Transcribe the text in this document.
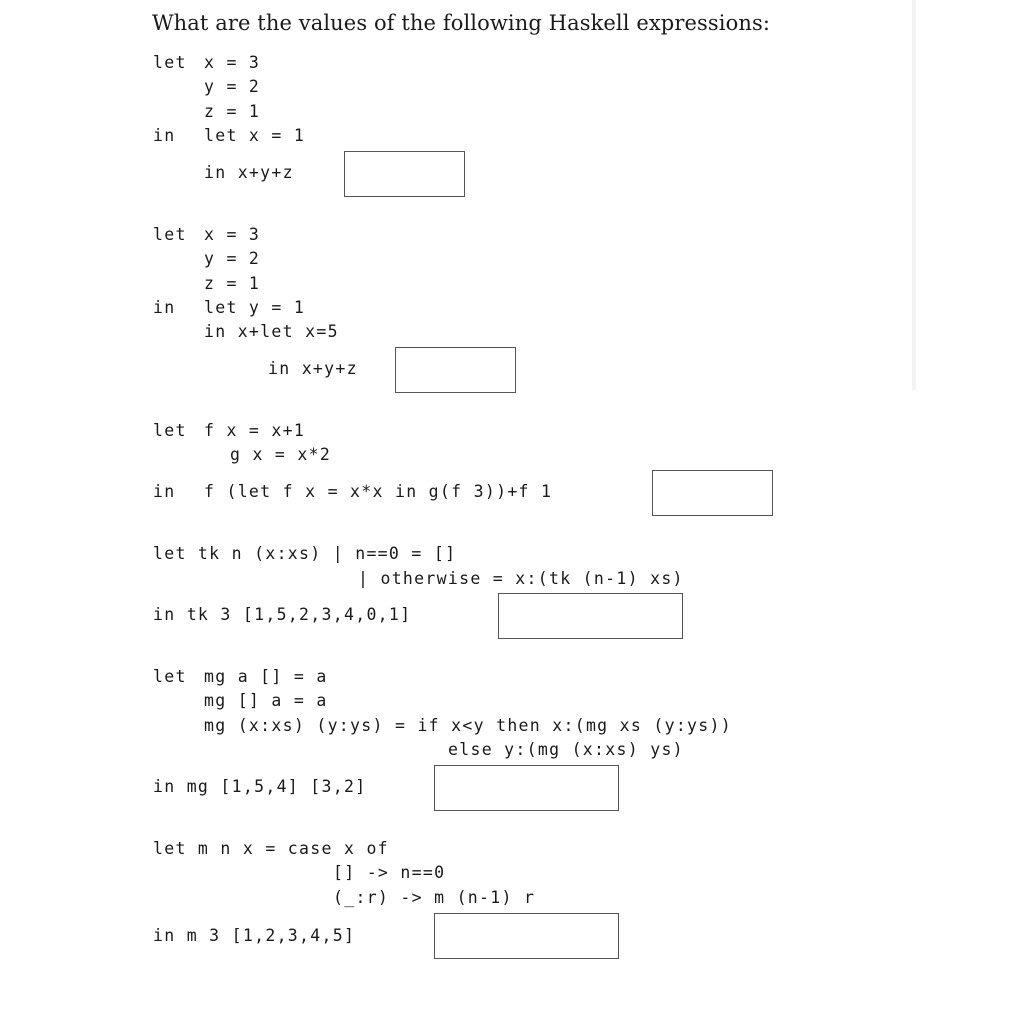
What are the values of the following Haskell expressions:
let x = 3
y = 2
z = 1
in let x = 1
in x+y+z
let x = 3
y = 2
z = 1
in let y = 1
in x+let x=5
in x+y+z
let f x = x+1
g x = x*2
in f (let f x = x*x in g(f 3))+f 1
let tk n (x:xs) | n==0 = []
| otherwise = x:(tk (n-1) xs)
in tk 3 [1,5,2,3,4,0,1]
let mg a [] = a
mg [] a = a
mg (x:xs) (y:ys) = if x<y then x:(mg xs (y:ys))
else y:(mg (x:xs) ys)
in mg [1,5,4] [3,2]
let m n x = case x of
[] -> n==0
(_:r) -> m (n-1) r
in m 3 [1,2,3,4,5]
